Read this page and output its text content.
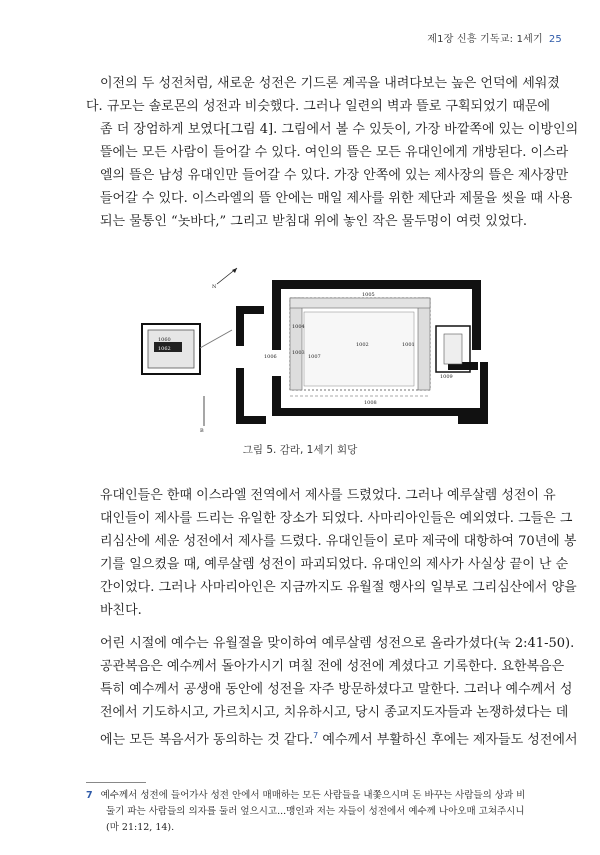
제1장 신흥 기독교: 1세기 25

이전의 두 성전처럼, 새로운 성전은 기드론 계곡을 내려다보는 높은 언덕에 세워졌
다. 규모는 솔로몬의 성전과 비슷했다. 그러나 일련의 벽과 뜰로 구획되었기 때문에
좀 더 장엄하게 보였다[그림 4]. 그림에서 볼 수 있듯이, 가장 바깥쪽에 있는 이방인의
뜰에는 모든 사람이 들어갈 수 있다. 여인의 뜰은 모든 유대인에게 개방된다. 이스라
엘의 뜰은 남성 유대인만 들어갈 수 있다. 가장 안쪽에 있는 제사장의 뜰은 제사장만
들어갈 수 있다. 이스라엘의 뜰 안에는 매일 제사를 위한 제단과 제물을 씻을 때 사용
되는 물통인 “놋바다,” 그리고 받침대 위에 놓인 작은 물두멍이 여럿 있었다.

N
1060
1062
1005
1004
1003
1002	1001
1008
1006	1007
1009
B
그림 5. 감라, 1세기 회당

유대인들은 한때 이스라엘 전역에서 제사를 드렸었다. 그러나 예루살렘 성전이 유
대인들이 제사를 드리는 유일한 장소가 되었다. 사마리아인들은 예외였다. 그들은 그
리심산에 세운 성전에서 제사를 드렸다. 유대인들이 로마 제국에 대항하여 70년에 봉
기를 일으켰을 때, 예루살렘 성전이 파괴되었다. 유대인의 제사가 사실상 끝이 난 순
간이었다. 그러나 사마리아인은 지금까지도 유월절 행사의 일부로 그리심산에서 양을
바친다.

어린 시절에 예수는 유월절을 맞이하여 예루살렘 성전으로 올라가셨다(눅 2:41-50).
공관복음은 예수께서 돌아가시기 며칠 전에 성전에 계셨다고 기록한다. 요한복음은
특히 예수께서 공생애 동안에 성전을 자주 방문하셨다고 말한다. 그러나 예수께서 성
전에서 기도하시고, 가르치시고, 치유하시고, 당시 종교지도자들과 논쟁하셨다는 데
에는 모든 복음서가 동의하는 것 같다.$^7$ 예수께서 부활하신 후에는 제자들도 성전에서

7 예수께서 성전에 들어가사 성전 안에서 매매하는 모든 사람들을 내쫓으시며 돈 바꾸는 사람들의 상과 비
둘기 파는 사람들의 의자를 둘러 엎으시고...맹인과 저는 자들이 성전에서 예수께 나아오매 고쳐주시니
(마 21:12, 14).
